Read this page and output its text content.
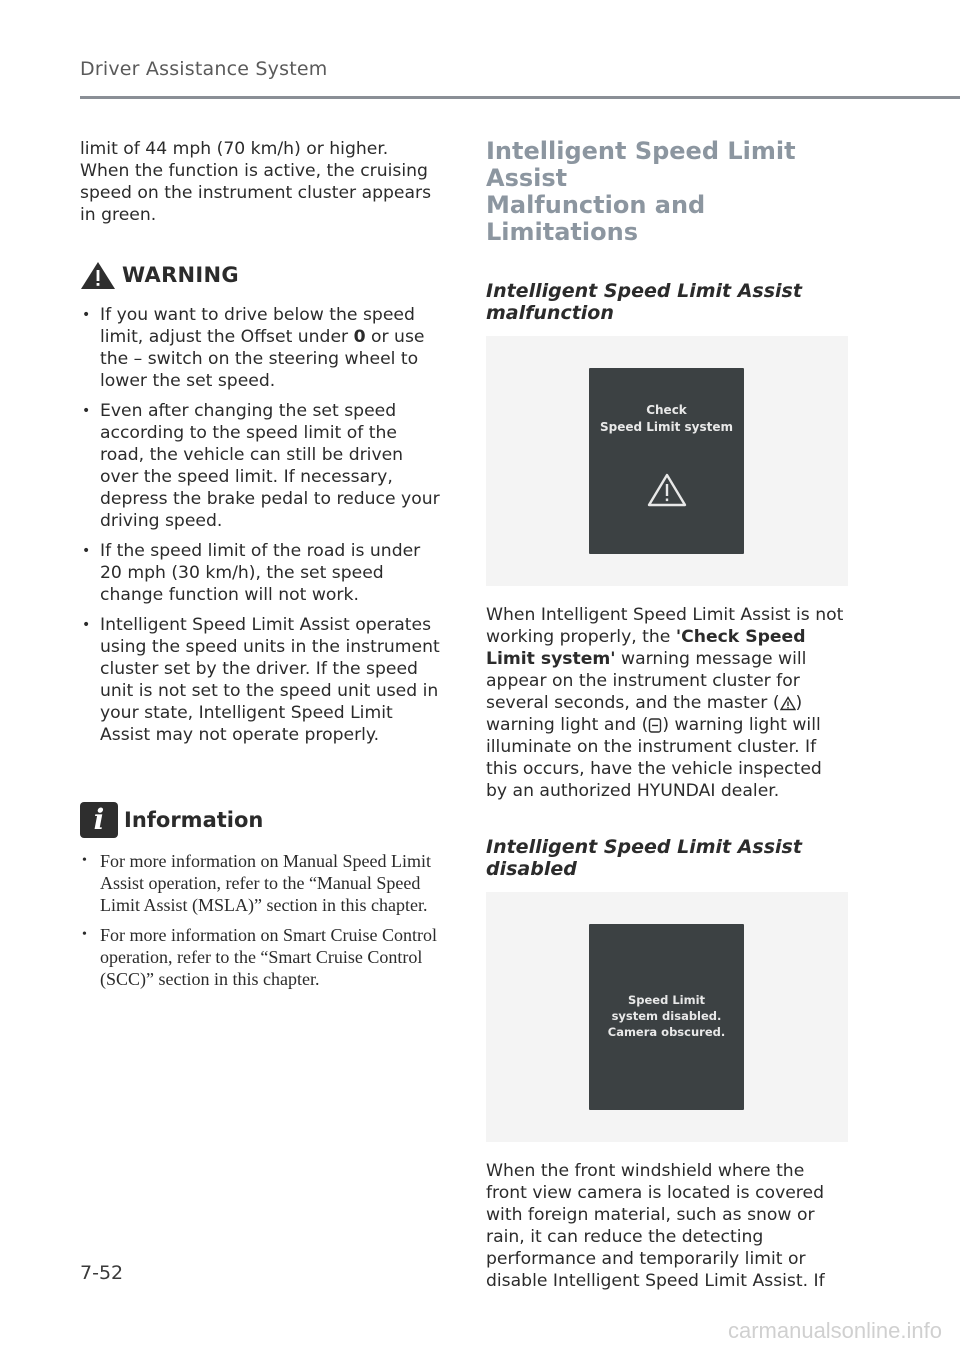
Driver Assistance System

limit of 44 mph (70 km/h) or higher. When the function is active, the cruising speed on the instrument cluster appears in green.

WARNING
• If you want to drive below the speed limit, adjust the Offset under 0 or use the – switch on the steering wheel to lower the set speed.
• Even after changing the set speed according to the speed limit of the road, the vehicle can still be driven over the speed limit. If necessary, depress the brake pedal to reduce your driving speed.
• If the speed limit of the road is under 20 mph (30 km/h), the set speed change function will not work.
• Intelligent Speed Limit Assist operates using the speed units in the instrument cluster set by the driver. If the speed unit is not set to the speed unit used in your state, Intelligent Speed Limit Assist may not operate properly.
i Information
• For more information on Manual Speed Limit Assist operation, refer to the “Manual Speed Limit Assist (MSLA)” section in this chapter.
• For more information on Smart Cruise Control operation, refer to the “Smart Cruise Control (SCC)” section in this chapter.
Intelligent Speed Limit Assist
Malfunction and Limitations
Intelligent Speed Limit Assist
malfunction
Check
Speed Limit system

When Intelligent Speed Limit Assist is not working properly, the 'Check Speed Limit system' warning message will appear on the instrument cluster for several seconds, and the master ( ) warning light and ( ) warning light will illuminate on the instrument cluster. If this occurs, have the vehicle inspected by an authorized HYUNDAI dealer.

Intelligent Speed Limit Assist
disabled
Speed Limit
system disabled.
Camera obscured.

When the front windshield where the front view camera is located is covered with foreign material, such as snow or rain, it can reduce the detecting performance and temporarily limit or disable Intelligent Speed Limit Assist. If

7-52
carmanualsonline.info
